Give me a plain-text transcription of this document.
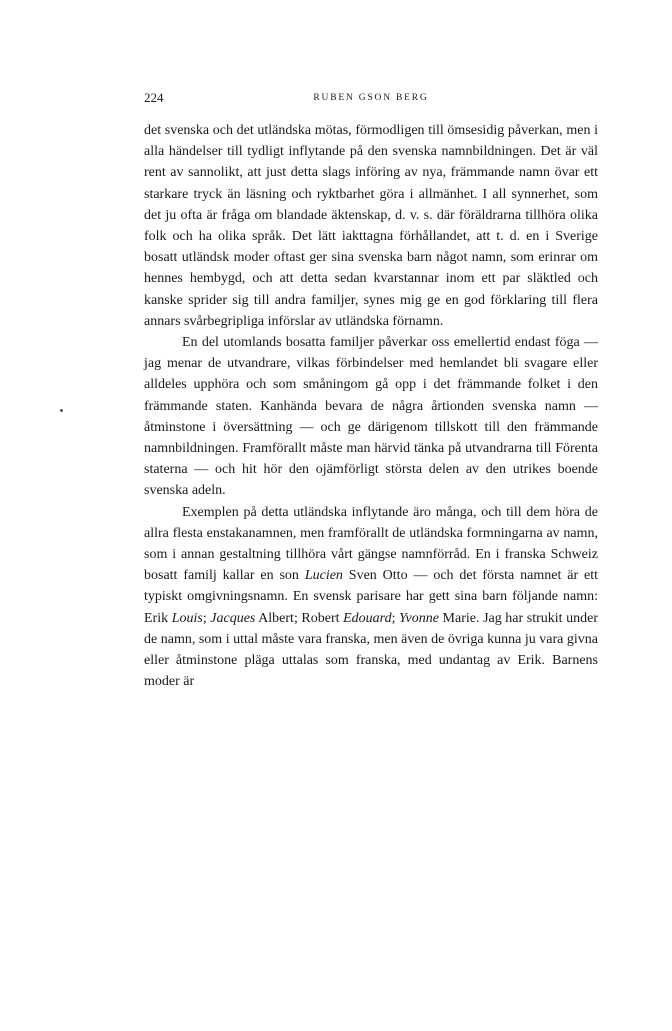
224	RUBEN GSON BERG

det svenska och det utländska mötas, förmodligen till ömsesidig påverkan, men i alla händelser till tydligt inflytande på den svenska namnbildningen. Det är väl rent av sannolikt, att just detta slags införing av nya, främmande namn övar ett starkare tryck än läsning och ryktbarhet göra i allmänhet. I all synnerhet, som det ju ofta är fråga om blandade äktenskap, d. v. s. där föräldrarna tillhöra olika folk och ha olika språk. Det lätt iakttagna förhållandet, att t. d. en i Sverige bosatt utländsk moder oftast ger sina svenska barn något namn, som erinrar om hennes hembygd, och att detta sedan kvarstannar inom ett par släktled och kanske sprider sig till andra familjer, synes mig ge en god förklaring till flera annars svårbegripliga införslar av utländska förnamn.

En del utomlands bosatta familjer påverkar oss emellertid endast föga — jag menar de utvandrare, vilkas förbindelser med hemlandet bli svagare eller alldeles upphöra och som småningom gå opp i det främmande folket i den främmande staten. Kanhända bevara de några årtionden svenska namn — åtminstone i översättning — och ge därigenom tillskott till den främmande namnbildningen. Framförallt måste man härvid tänka på utvandrarna till Förenta staterna — och hit hör den ojämförligt största delen av den utrikes boende svenska adeln.

Exemplen på detta utländska inflytande äro många, och till dem höra de allra flesta enstakanamnen, men framförallt de utländska formningarna av namn, som i annan gestaltning tillhöra vårt gängse namnförråd. En i franska Schweiz bosatt familj kallar en son Lucien Sven Otto — och det första namnet är ett typiskt omgivningsnamn. En svensk parisare har gett sina barn följande namn: Erik Louis; Jacques Albert; Robert Edouard; Yvonne Marie. Jag har strukit under de namn, som i uttal måste vara franska, men även de övriga kunna ju vara givna eller åtminstone pläga uttalas som franska, med undantag av Erik. Barnens moder är
